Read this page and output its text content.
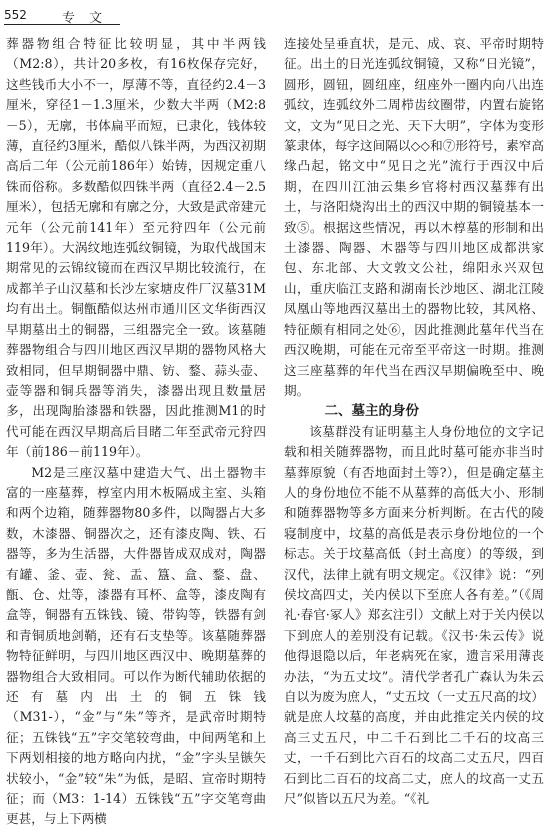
552	专文

葬器物组合特征比较明显，其中半两钱（M2:8），共计20多枚，有16枚保存完好，这些钱币大小不一，厚薄不等，直径约2.4－3厘米，穿径1－1.3厘米，少数大半两（M2:8－5），无廓，书体扁平而短，已隶化，钱体较薄，直径约3厘米，酷似八铢半两，为西汉初期高后二年（公元前186年）始铸，因规定重八铢而俗称。多数酷似四铢半两（直径2.4－2.5厘米），包括无廓和有廓之分，大致是武帝建元元年（公元前141年）至元狩四年（公元前119年）。大涡纹地连弧纹铜镜，为取代战国末期常见的云锦纹镜而在西汉早期比较流行，在成都羊子山汉墓和长沙左家塘皮件厂汉墓31M均有出土。铜甑酷似达州市通川区文华街西汉早期墓出土的铜器，三组器完全一致。该墓随葬器物组合与四川地区西汉早期的器物风格大致相同，但早期铜器中鼎、钫、鍪、蒜头壶、壶等器和铜兵器等消失，漆器出现且数量居多，出现陶胎漆器和铁器，因此推测M1的时代可能在西汉早期高后目睹二年至武帝元狩四年（前186－前119年）。

M2是三座汉墓中建造大气、出土器物丰富的一座墓葬，椁室内用木板隔成主室、头箱和两个边箱，随葬器物80多件，以陶器占大多数，木漆器、铜器次之，还有漆皮陶、铁、石器等，多为生活器，大件器皆成双成对，陶器有罐、釜、壶、瓮、盂、簋、盒、鍪、盘、甑、仓、灶等，漆器有耳杯、盒等，漆皮陶有盒等，铜器有五铢钱、镜、带钩等，铁器有剑和青铜质地剑鞘，还有石支垫等。该墓随葬器物特征鲜明，与四川地区西汉中、晚期墓葬的器物组合大致相同。可以作为断代辅助依据的还有墓内出土的铜五铢钱（M31-），“金”与“朱”等齐，是武帝时期特征；五铢钱“五”字交笔较弯曲，中间两笔和上下两划相接的地方略向内扰，“金”字头呈镞矢状较小，“金”较“朱”为低，是昭、宣帝时期特征；而（M3：1-14）五铢钱“五”字交笔弯曲更甚，与上下两横

连接处呈垂直状，是元、成、哀、平帝时期特征。出土的日光连弧纹铜镜，又称“日光镜”，圆形，圆钮，圆纽座，纽座外一圈内向八出连弧纹，连弧纹外二周栉齿纹圈带，内置右旋铭文，文为“见日之光、天下大明”，字体为变形篆隶体，每字这间隔以◇◇和⑦形符号，素窄高缘凸起，铭文中“见日之光”流行于西汉中后期，在四川江油云集乡官将村西汉墓葬有出土，与洛阳烧沟出土的西汉中期的铜镜基本一致⑤。根据这些情况，再以木椁墓的形制和出土漆器、陶器、木器等与四川地区成都洪家包、东北部、大文敦文公社，绵阳永兴双包山，重庆临江支路和湖南长沙地区、湖北江陵凤凰山等地西汉墓出土的器物比较，其风格、特征颇有相同之处⑥，因此推测此墓年代当在西汉晚期，可能在元帝至平帝这一时期。推测这三座墓葬的年代当在西汉早期偏晚至中、晚期。

二、墓主的身份

该墓群没有证明墓主人身份地位的文字记载和相关随葬器物，而且此时墓可能亦非当时墓葬原貌（有否地面封土等?），但是确定墓主人的身份地位不能不从墓葬的高低大小、形制和随葬器物等多方面来分析判断。在古代的陵寝制度中，坟墓的高低是表示身份地位的一个标志。关于坟墓高低（封土高度）的等级，到汉代，法律上就有明文规定。《汉律》说：“列侯坟高四丈，关内侯以下至庶人各有差。”（《周礼·春官·冢人》郑玄注引）文献上对于关内侯以下到庶人的差别没有记载。《汉书·朱云传》说他得退隐以后，年老病死在家，遗言采用薄丧办法，“为五丈坟”。清代学者孔广森认为朱云自以为废为庶人，“丈五坟（一丈五尺高的坟）就是庶人坟墓的高度，并由此推定关内侯的坟高三丈五尺，中二千石到比二千石的坟高三丈，一千石到比六百石的坟高二丈五尺，四百石到比二百石的坟高二丈，庶人的坟高一丈五尺”似皆以五尺为差。“《礼
